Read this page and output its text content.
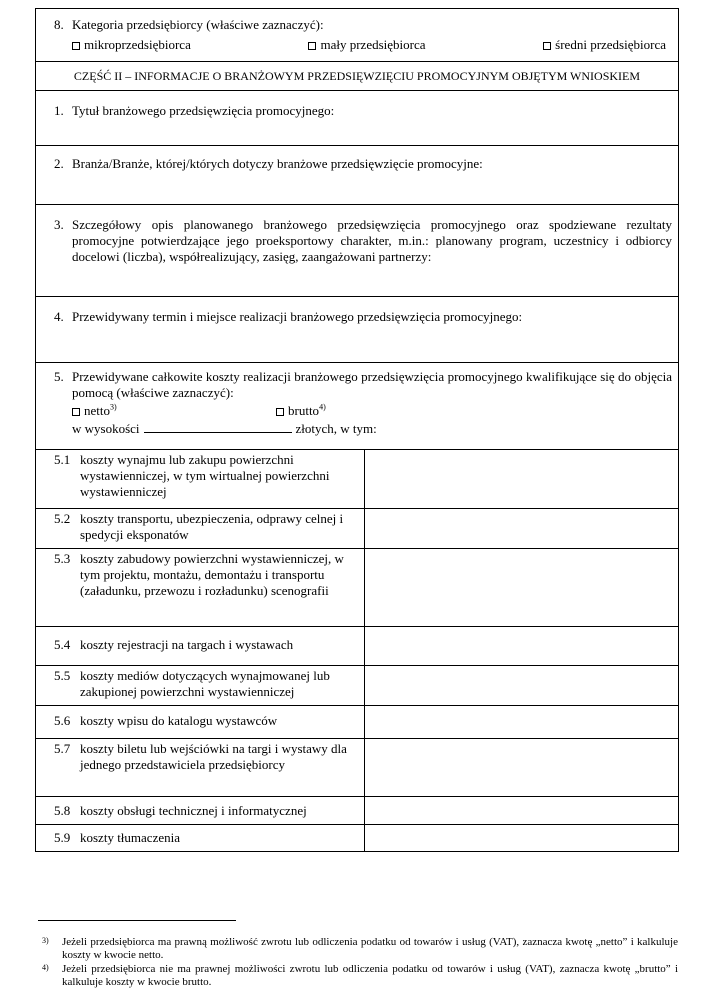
8. Kategoria przedsiębiorcy (właściwe zaznaczyć):
mikroprzedsiębiorca	mały przedsiębiorca	średni przedsiębiorca
CZĘŚĆ II – INFORMACJE O BRANŻOWYM PRZEDSIĘWZIĘCIU PROMOCYJNYM OBJĘTYM WNIOSKIEM
1. Tytuł branżowego przedsięwzięcia promocyjnego:
2. Branża/Branże, której/których dotyczy branżowe przedsięwzięcie promocyjne:
3. Szczegółowy opis planowanego branżowego przedsięwzięcia promocyjnego oraz spodziewane rezultaty promocyjne potwierdzające jego proeksportowy charakter, m.in.: planowany program, uczestnicy i odbiorcy docelowi (liczba), współrealizujący, zasięg, zaangażowani partnerzy:
4. Przewidywany termin i miejsce realizacji branżowego przedsięwzięcia promocyjnego:
5. Przewidywane całkowite koszty realizacji branżowego przedsięwzięcia promocyjnego kwalifikujące się do objęcia pomocą (właściwe zaznaczyć):
netto$^{3)}$	brutto$^{4)}$
w wysokości	złotych, w tym:
5.1 koszty wynajmu lub zakupu powierzchni wystawienniczej, w tym wirtualnej powierzchni wystawienniczej	

5.2 koszty transportu, ubezpieczenia, odprawy celnej i spedycji eksponatów	

5.3 koszty zabudowy powierzchni wystawienniczej, w tym projektu, montażu, demontażu i transportu (załadunku, przewozu i rozładunku) scenografii	

5.4 koszty rejestracji na targach i wystawach	

5.5 koszty mediów dotyczących wynajmowanej lub zakupionej powierzchni wystawienniczej	

5.6 koszty wpisu do katalogu wystawców	

5.7 koszty biletu lub wejściówki na targi i wystawy dla jednego przedstawiciela przedsiębiorcy	

5.8 koszty obsługi technicznej i informatycznej	

5.9 koszty tłumaczenia	

3)	Jeżeli przedsiębiorca ma prawną możliwość zwrotu lub odliczenia podatku od towarów i usług (VAT), zaznacza kwotę „netto” i kalkuluje koszty w kwocie netto.
4)	Jeżeli przedsiębiorca nie ma prawnej możliwości zwrotu lub odliczenia podatku od towarów i usług (VAT), zaznacza kwotę „brutto” i kalkuluje koszty w kwocie brutto.
